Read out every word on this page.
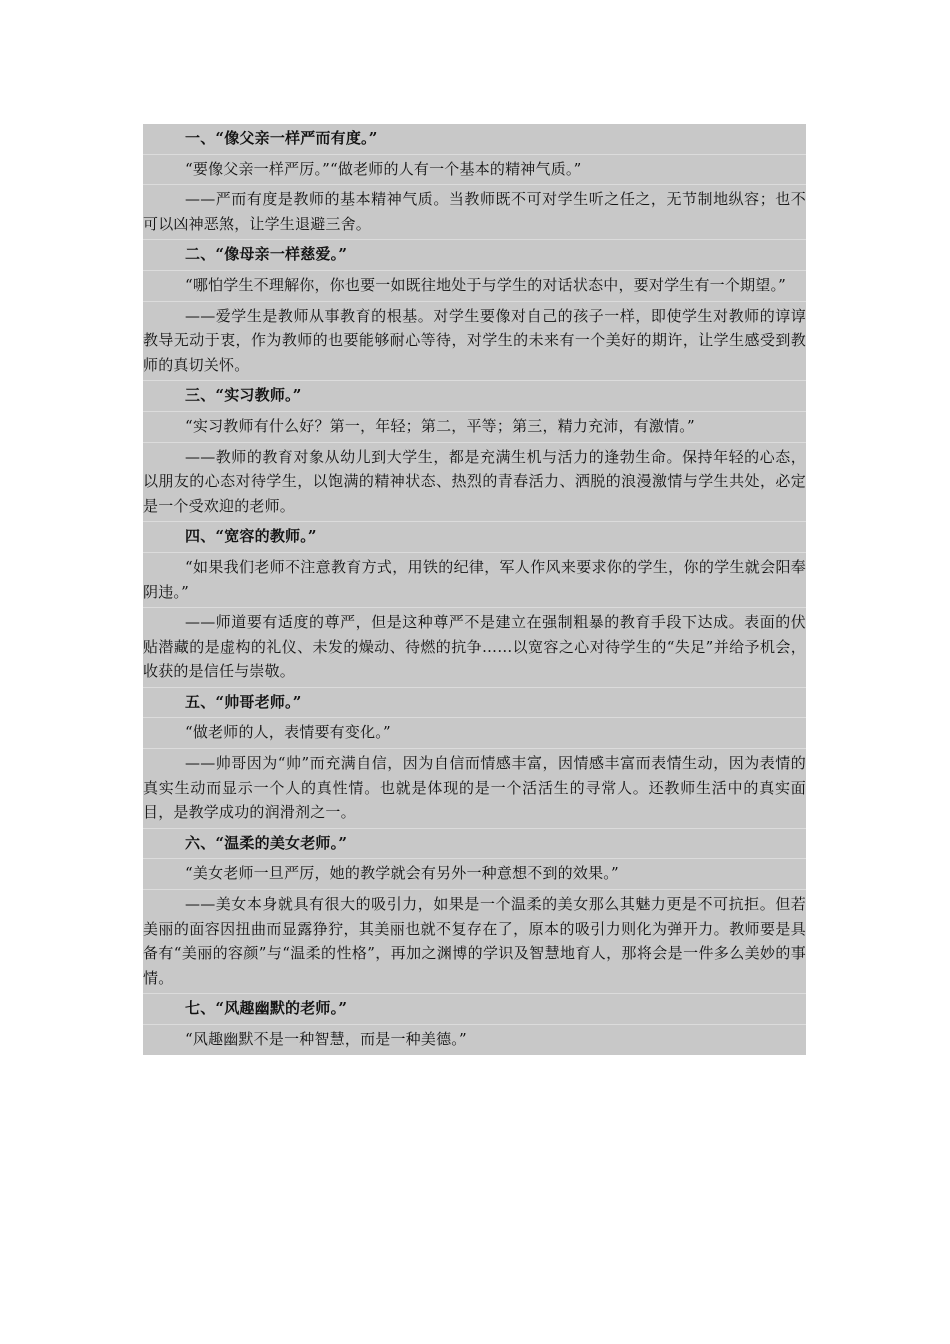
一、“像父亲一样严而有度。”
“要像父亲一样严厉。”“做老师的人有一个基本的精神气质。”
——严而有度是教师的基本精神气质。当教师既不可对学生听之任之，无节制地纵容；也不可以凶神恶煞，让学生退避三舍。
二、“像母亲一样慈爱。”
“哪怕学生不理解你，你也要一如既往地处于与学生的对话状态中，要对学生有一个期望。”
——爱学生是教师从事教育的根基。对学生要像对自己的孩子一样，即使学生对教师的谆谆教导无动于衷，作为教师的也要能够耐心等待，对学生的未来有一个美好的期许，让学生感受到教师的真切关怀。
三、“实习教师。”
“实习教师有什么好？第一，年轻；第二，平等；第三，精力充沛，有激情。”
——教师的教育对象从幼儿到大学生，都是充满生机与活力的逢勃生命。保持年轻的心态，以朋友的心态对待学生，以饱满的精神状态、热烈的青春活力、洒脱的浪漫激情与学生共处，必定是一个受欢迎的老师。
四、“宽容的教师。”
“如果我们老师不注意教育方式，用铁的纪律，军人作风来要求你的学生，你的学生就会阳奉阴违。”
——师道要有适度的尊严，但是这种尊严不是建立在强制粗暴的教育手段下达成。表面的伏贴潜藏的是虚构的礼仪、未发的燥动、待燃的抗争……以宽容之心对待学生的“失足”并给予机会，收获的是信任与崇敬。
五、“帅哥老师。”
“做老师的人，表情要有变化。”
——帅哥因为“帅”而充满自信，因为自信而情感丰富，因情感丰富而表情生动，因为表情的真实生动而显示一个人的真性情。也就是体现的是一个活活生的寻常人。还教师生活中的真实面目，是教学成功的润滑剂之一。
六、“温柔的美女老师。”
“美女老师一旦严厉，她的教学就会有另外一种意想不到的效果。”
——美女本身就具有很大的吸引力，如果是一个温柔的美女那么其魅力更是不可抗拒。但若美丽的面容因扭曲而显露狰狞，其美丽也就不复存在了，原本的吸引力则化为弹开力。教师要是具备有“美丽的容颜”与“温柔的性格”，再加之渊博的学识及智慧地育人，那将会是一件多么美妙的事情。
七、“风趣幽默的老师。”
“风趣幽默不是一种智慧，而是一种美德。”
